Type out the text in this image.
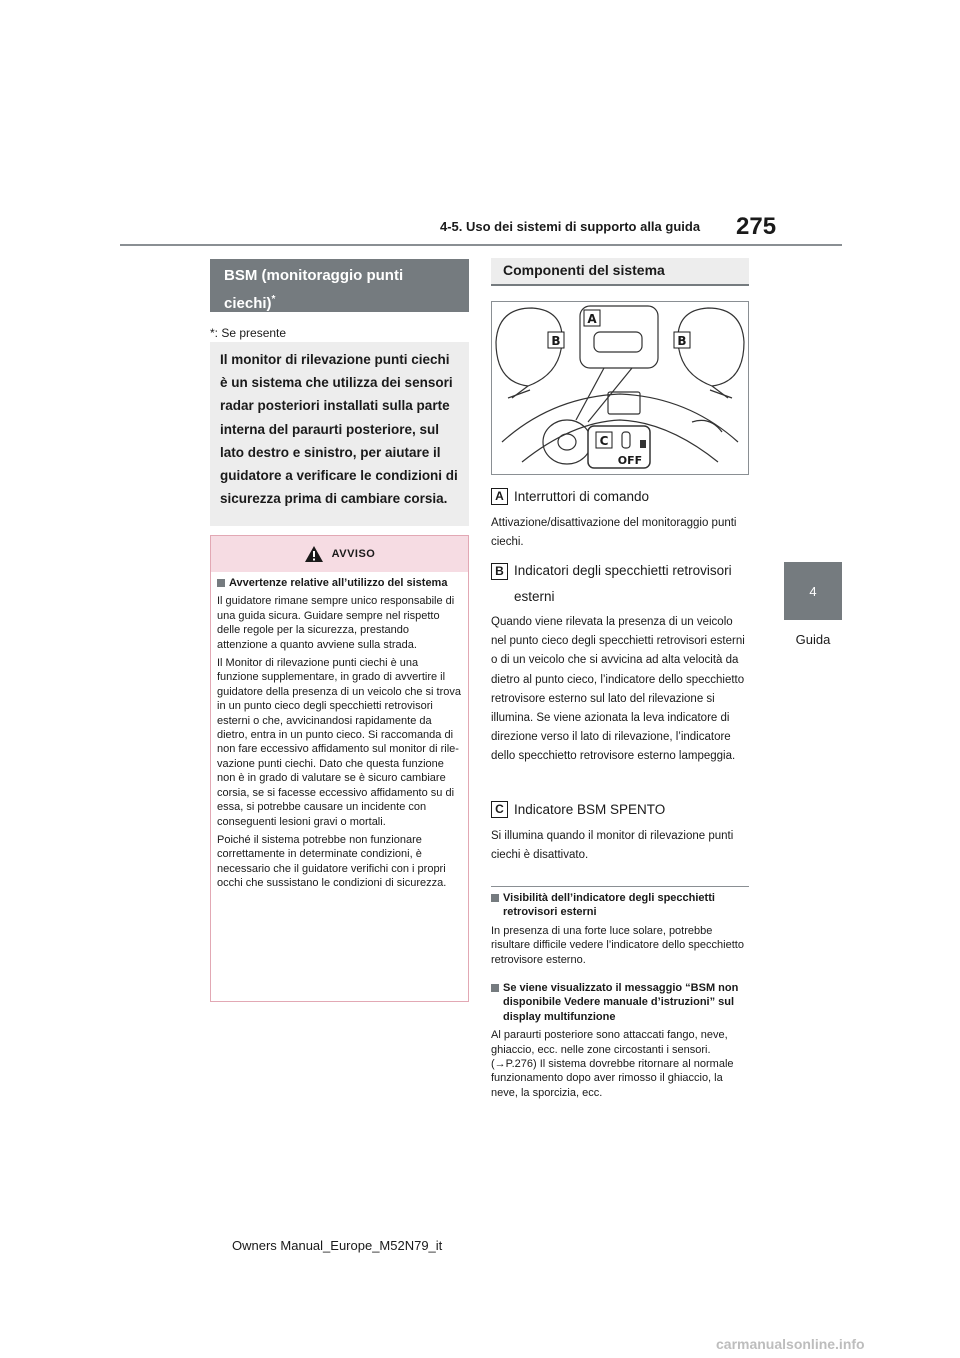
275
4-5. Uso dei sistemi di supporto alla guida
4
Guida
BSM (monitoraggio punti
ciechi)*
*: Se presente
Il monitor di rilevazione punti ciechi è un sistema che utilizza dei sensori radar posteriori installati sulla parte interna del paraurti posteriore, sul lato destro e sinistro, per aiutare il guidatore a verificare le condizioni di sicurezza prima di cambiare corsia.
AVVISO
Avvertenze relative all’utilizzo del sistema

Il guidatore rimane sempre unico responsabile di una guida sicura. Guidare sempre nel rispetto delle regole per la sicurezza, prestando attenzione a quanto avviene sulla strada.

Il Monitor di rilevazione punti ciechi è una funzione supplementare, in grado di avvertire il guidatore della presenza di un veicolo che si trova in un punto cieco degli specchietti retrovisori esterni o che, avvicinandosi rapidamente da dietro, entra in un punto cieco. Si raccomanda di non fare eccessivo affidamento sul monitor di rilevazione punti ciechi. Dato che questa funzione non è in grado di valutare se è sicuro cambiare corsia, se si facesse eccessivo affidamento su di essa, si potrebbe causare un incidente con conseguenti lesioni gravi o mortali.

Poiché il sistema potrebbe non funzionare correttamente in determinate condizioni, è necessario che il guidatore verifichi con i propri occhi che sussistano le condizioni di sicurezza.

Componenti del sistema
A
B	B
C
OFF
A Interruttori di comando
Attivazione/disattivazione del monitoraggio punti ciechi.
B Indicatori degli specchietti retrovisori esterni
Quando viene rilevata la presenza di un veicolo nel punto cieco degli specchietti retrovisori esterni o di un veicolo che si avvicina ad alta velocità da dietro al punto cieco, l’indicatore dello specchietto retrovisore esterno sul lato del rilevazione si illumina. Se viene azionata la leva indicatore di direzione verso il lato di rilevazione, l’indicatore dello specchietto retrovisore esterno lampeggia.
C Indicatore BSM SPENTO
Si illumina quando il monitor di rilevazione punti ciechi è disattivato.
Visibilità dell’indicatore degli specchietti retrovisori esterni
In presenza di una forte luce solare, potrebbe risultare difficile vedere l’indicatore dello specchietto retrovisore esterno.
Se viene visualizzato il messaggio “BSM non disponibile Vedere manuale d’istruzioni” sul display multifunzione
Al paraurti posteriore sono attaccati fango, neve, ghiaccio, ecc. nelle zone circostanti i sensori. (→P.276) Il sistema dovrebbe ritornare al normale funzionamento dopo aver rimosso il ghiaccio, la neve, la sporcizia, ecc.
Owners Manual_Europe_M52N79_it
carmanualsonline.info
